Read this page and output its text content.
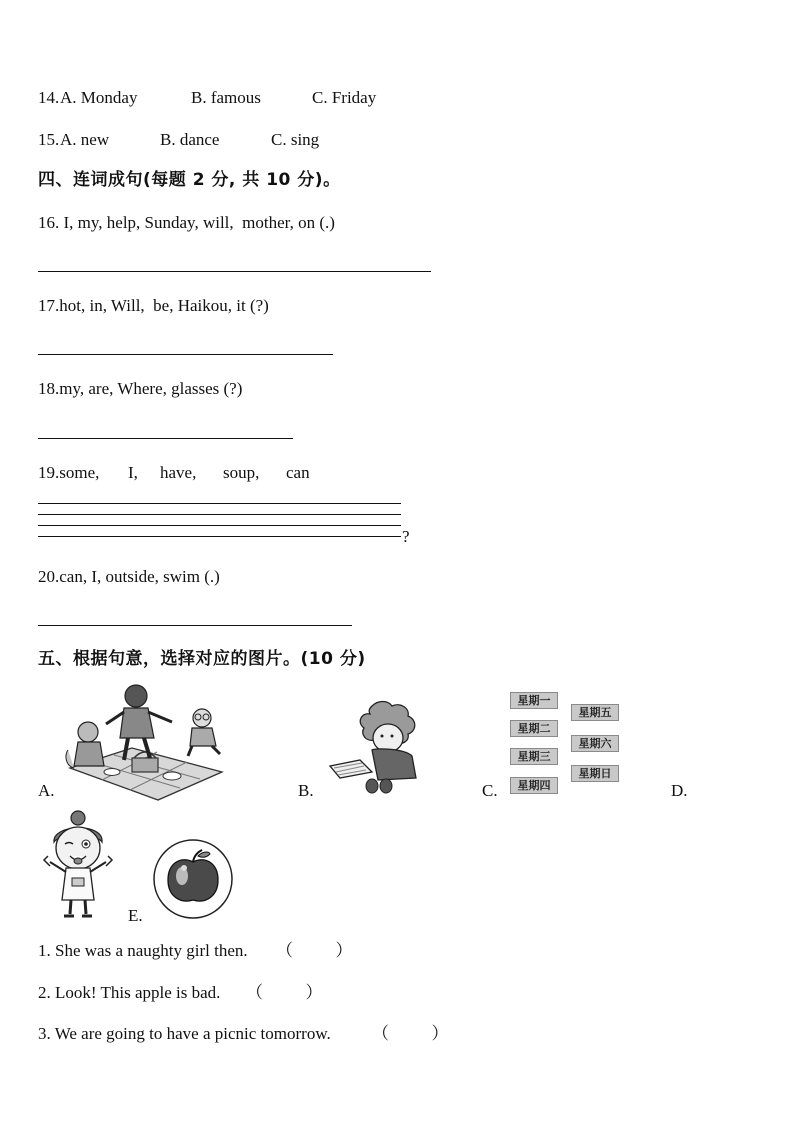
14. A. Monday	B. famous	C. Friday
15. A. new	B. dance	C. sing
四、连词成句(每题 2 分, 共 10 分)。
16. I, my, help, Sunday, will,  mother, on (.)
17.hot, in, Will,  be, Haikou, it (?)
18.my, are, Where, glasses (?)
19.some, I, have, soup, can
?
20.can, I, outside, swim (.)
五、根据句意，选择对应的图片。(10 分)
A.	B.
星期一
星期二
星期三
星期四
星期五
星期六
星期日
C.	D.
E.
1. She was a naughty girl then. （          ）
2. Look! This apple is bad. （          ）
3. We are going to have a picnic tomorrow. （          ）
